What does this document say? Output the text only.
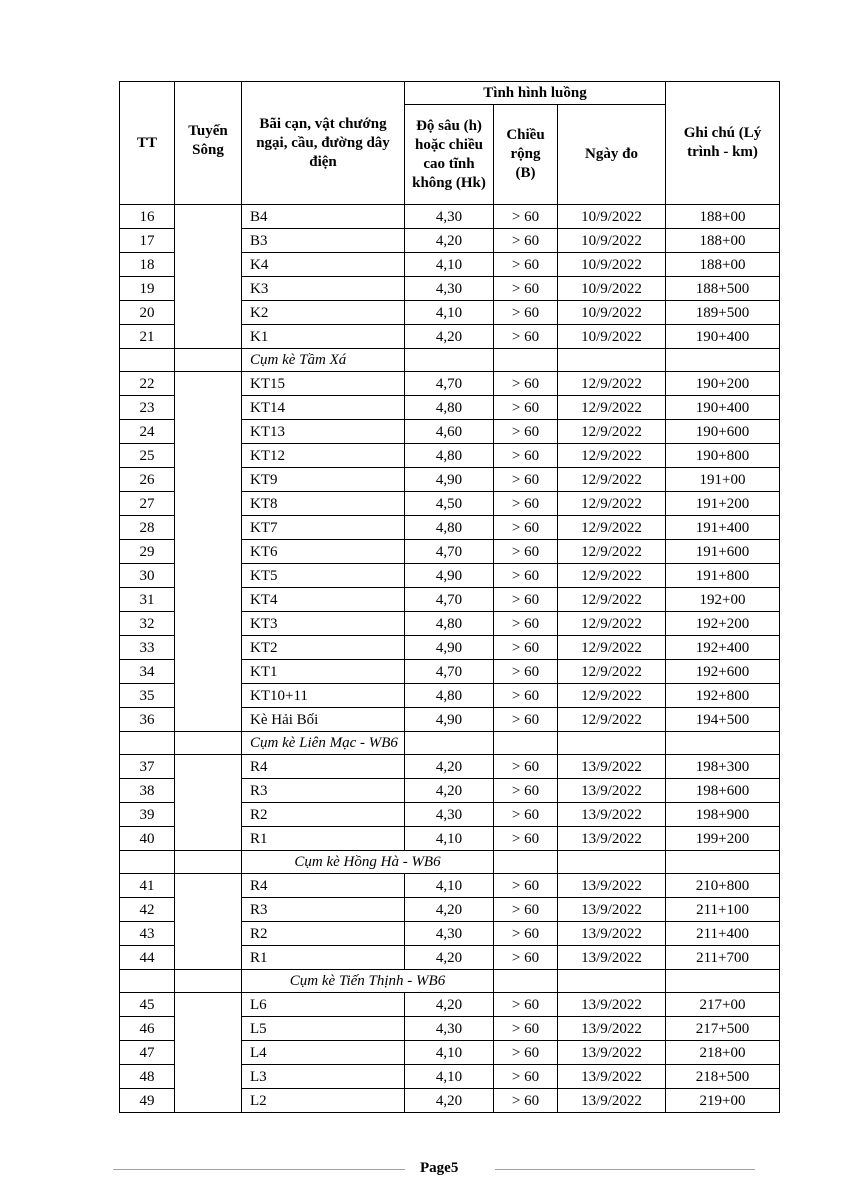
TT	Tuyến Sông	Bãi cạn, vật chướng ngại, cầu, đường dây điện	Tình hình luồng			Ghi chú (Lý trình - km)
			Độ sâu (h) hoặc chiều cao tĩnh không (Hk)	Chiều rộng (B)	Ngày đo	
16		B4	4,30	> 60	10/9/2022	188+00
17		B3	4,20	> 60	10/9/2022	188+00
18		K4	4,10	> 60	10/9/2022	188+00
19		K3	4,30	> 60	10/9/2022	188+500
20		K2	4,10	> 60	10/9/2022	189+500
21		K1	4,20	> 60	10/9/2022	190+400
		Cụm kè Tầm Xá				
22		KT15	4,70	> 60	12/9/2022	190+200
23		KT14	4,80	> 60	12/9/2022	190+400
24		KT13	4,60	> 60	12/9/2022	190+600
25		KT12	4,80	> 60	12/9/2022	190+800
26		KT9	4,90	> 60	12/9/2022	191+00
27		KT8	4,50	> 60	12/9/2022	191+200
28		KT7	4,80	> 60	12/9/2022	191+400
29		KT6	4,70	> 60	12/9/2022	191+600
30		KT5	4,90	> 60	12/9/2022	191+800
31		KT4	4,70	> 60	12/9/2022	192+00
32		KT3	4,80	> 60	12/9/2022	192+200
33		KT2	4,90	> 60	12/9/2022	192+400
34		KT1	4,70	> 60	12/9/2022	192+600
35		KT10+11	4,80	> 60	12/9/2022	192+800
36		Kè Hải Bối	4,90	> 60	12/9/2022	194+500
		Cụm kè Liên Mạc - WB6				
37		R4	4,20	> 60	13/9/2022	198+300
38		R3	4,20	> 60	13/9/2022	198+600
39		R2	4,30	> 60	13/9/2022	198+900
40		R1	4,10	> 60	13/9/2022	199+200
		Cụm kè Hồng Hà - WB6				
41		R4	4,10	> 60	13/9/2022	210+800
42		R3	4,20	> 60	13/9/2022	211+100
43		R2	4,30	> 60	13/9/2022	211+400
44		R1	4,20	> 60	13/9/2022	211+700
		Cụm kè Tiến Thịnh - WB6				
45		L6	4,20	> 60	13/9/2022	217+00
46		L5	4,30	> 60	13/9/2022	217+500
47		L4	4,10	> 60	13/9/2022	218+00
48		L3	4,10	> 60	13/9/2022	218+500
49		L2	4,20	> 60	13/9/2022	219+00
Page5
